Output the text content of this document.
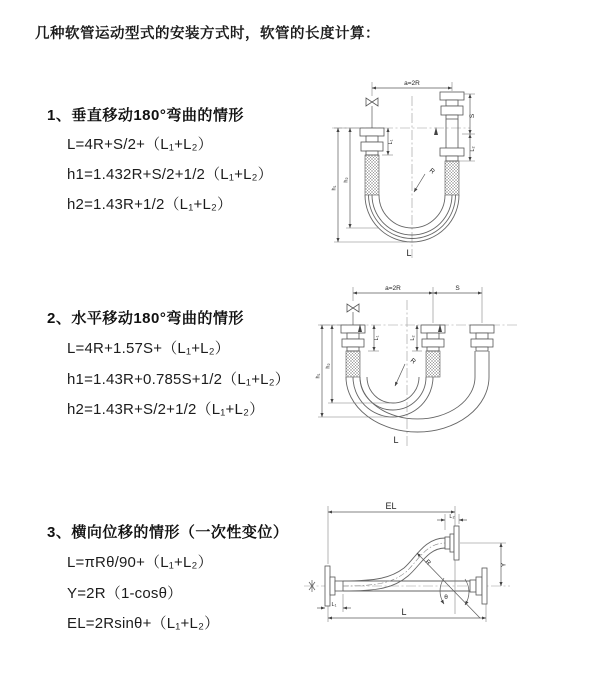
几种软管运动型式的安装方式时，软管的长度计算：
1、垂直移动180°弯曲的情形
L=4R+S/2+（L₁+L₂）
h1=1.432R+S/2+1/2（L₁+L₂）
h2=1.43R+1/2（L₁+L₂）
a=2R
h₂
h₁
L₁
S
L₂
R
L
2、水平移动180°弯曲的情形
L=4R+1.57S+（L₁+L₂）
h1=1.43R+0.785S+1/2（L₁+L₂）
h2=1.43R+S/2+1/2（L₁+L₂）
a=2R	S
h₂
h₁
L₁	L₂
R
L
3、横向位移的情形（一次性变位）
L=πRθ/90+（L₁+L₂）
Y=2R（1-cosθ）
EL=2Rsinθ+（L₁+L₂）
EL
L₂
R
θ
Y
L₁
L
